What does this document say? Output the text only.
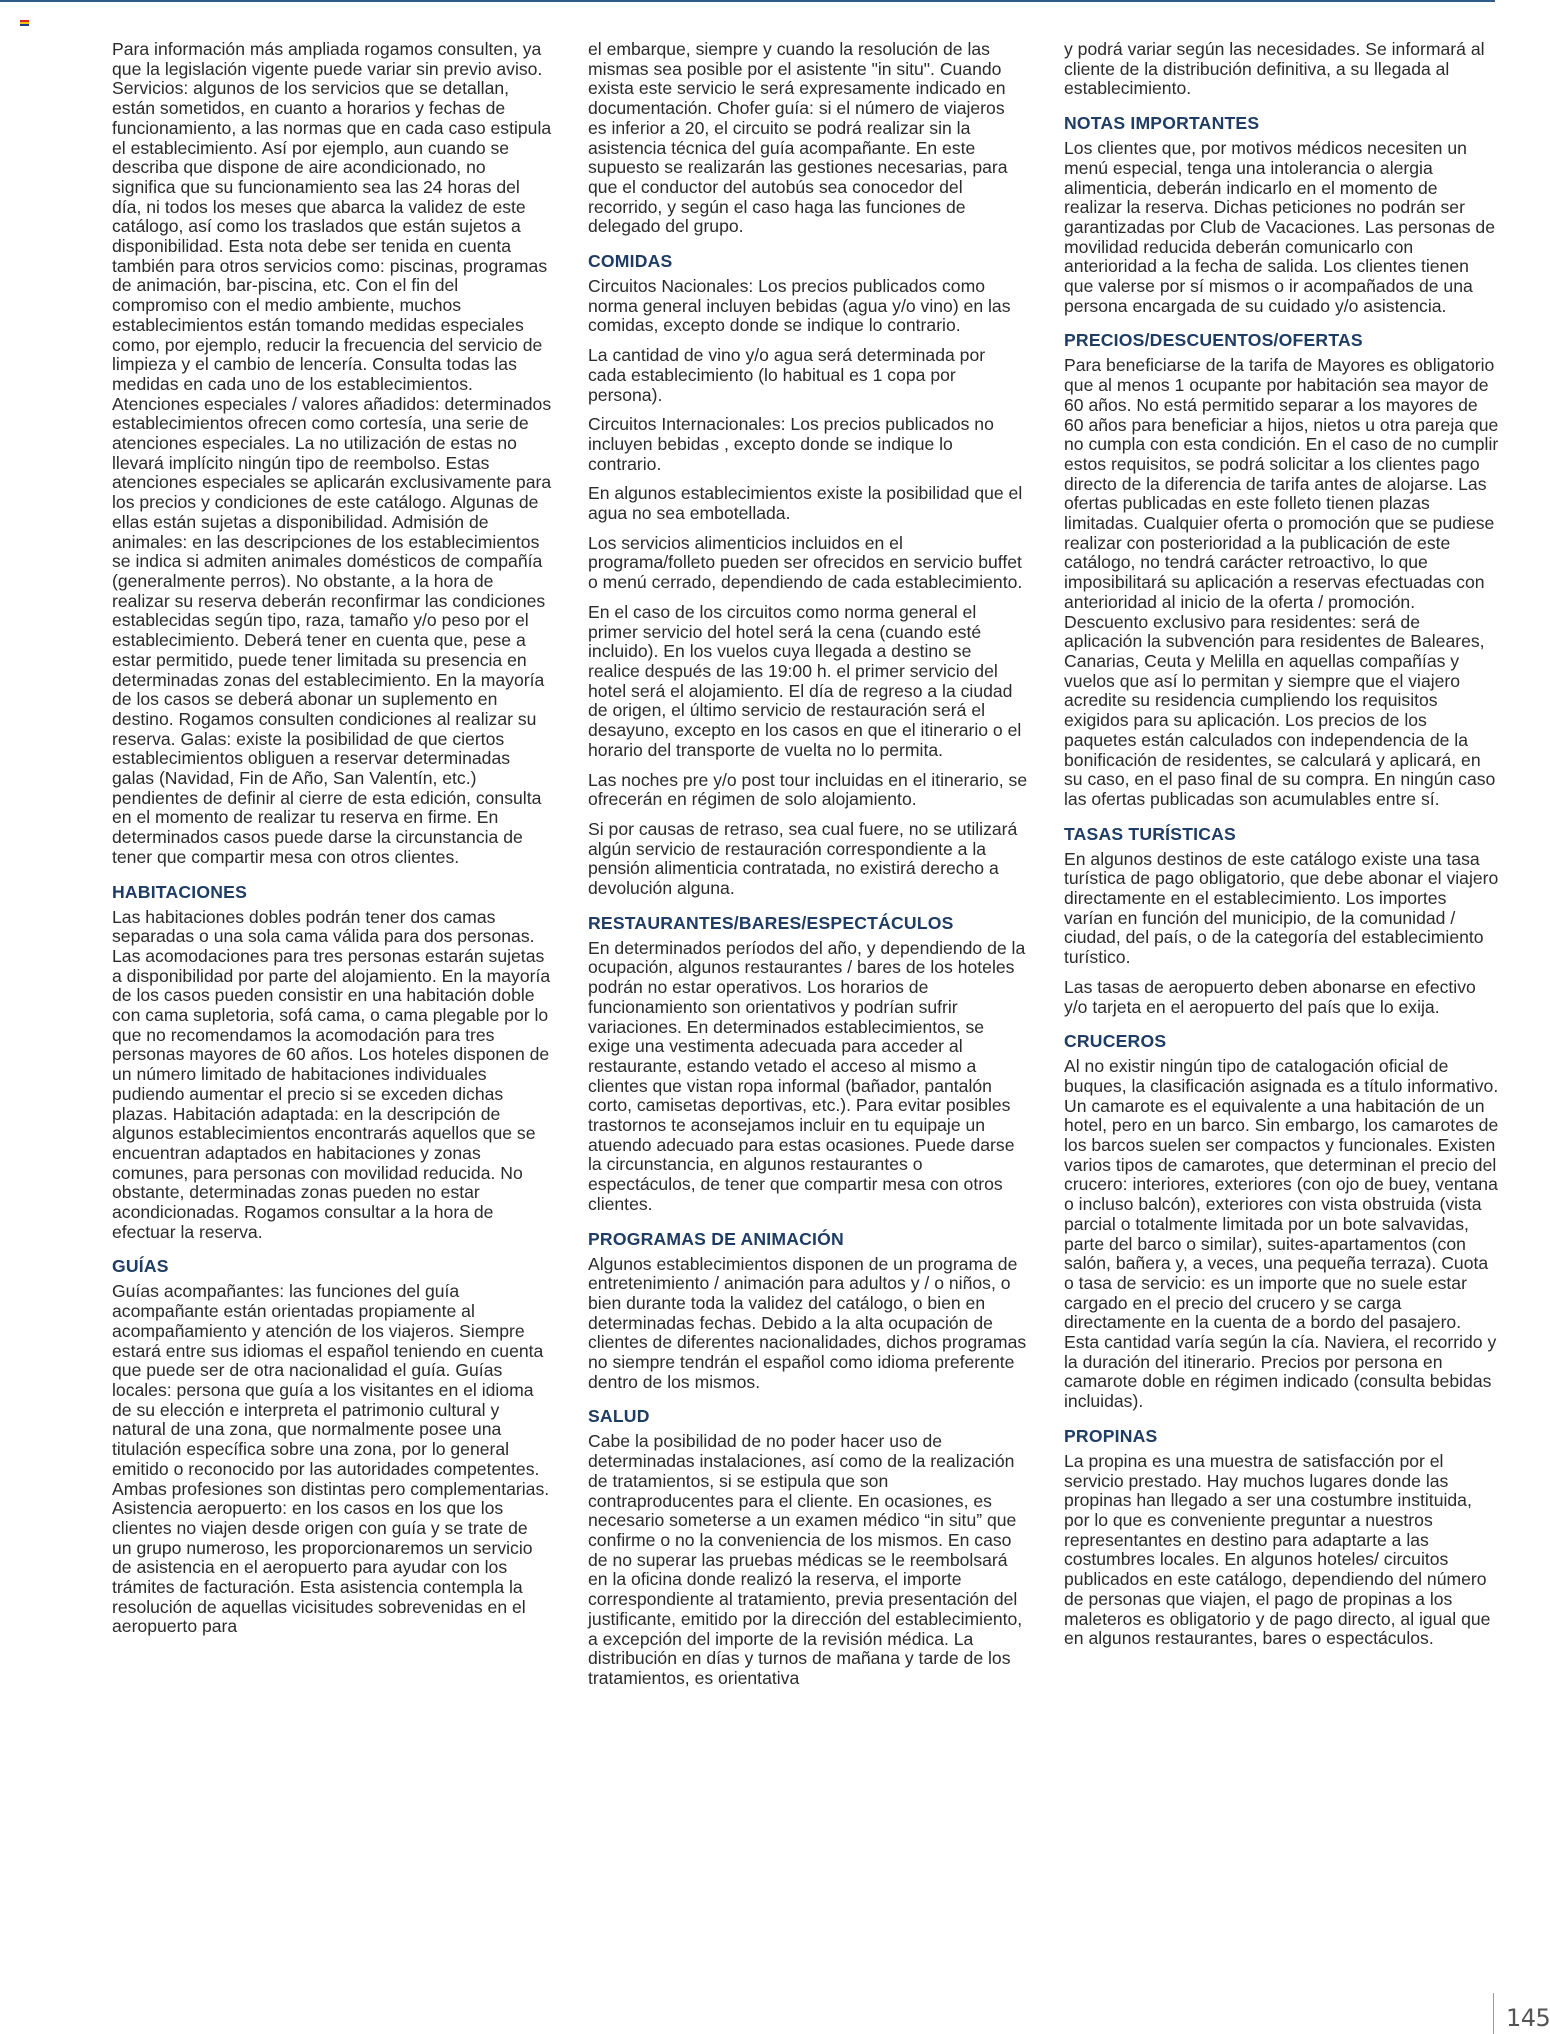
Para información más ampliada rogamos consulten, ya que la legislación vigente puede variar sin previo aviso. Servicios: algunos de los servicios que se detallan, están sometidos, en cuanto a horarios y fechas de funcionamiento, a las normas que en cada caso estipula el establecimiento. Así por ejemplo, aun cuando se describa que dispone de aire acondicionado, no significa que su funcionamiento sea las 24 horas del día, ni todos los meses que abarca la validez de este catálogo, así como los traslados que están sujetos a disponibilidad. Esta nota debe ser tenida en cuenta también para otros servicios como: piscinas, programas de animación, bar-piscina, etc. Con el fin del compromiso con el medio ambiente, muchos establecimientos están tomando medidas especiales como, por ejemplo, reducir la frecuencia del servicio de limpieza y el cambio de lencería. Consulta todas las medidas en cada uno de los establecimientos. Atenciones especiales / valores añadidos: determinados establecimientos ofrecen como cortesía, una serie de atenciones especiales. La no utilización de estas no llevará implícito ningún tipo de reembolso. Estas atenciones especiales se aplicarán exclusivamente para los precios y condiciones de este catálogo. Algunas de ellas están sujetas a disponibilidad. Admisión de animales: en las descripciones de los establecimientos se indica si admiten animales domésticos de compañía (generalmente perros). No obstante, a la hora de realizar su reserva deberán reconfirmar las condiciones establecidas según tipo, raza, tamaño y/o peso por el establecimiento. Deberá tener en cuenta que, pese a estar permitido, puede tener limitada su presencia en determinadas zonas del establecimiento. En la mayoría de los casos se deberá abonar un suplemento en destino. Rogamos consulten condiciones al realizar su reserva. Galas: existe la posibilidad de que ciertos establecimientos obliguen a reservar determinadas galas (Navidad, Fin de Año, San Valentín, etc.) pendientes de definir al cierre de esta edición, consulta en el momento de realizar tu reserva en firme. En determinados casos puede darse la circunstancia de tener que compartir mesa con otros clientes.

HABITACIONES

Las habitaciones dobles podrán tener dos camas separadas o una sola cama válida para dos personas. Las acomodaciones para tres personas estarán sujetas a disponibilidad por parte del alojamiento. En la mayoría de los casos pueden consistir en una habitación doble con cama supletoria, sofá cama, o cama plegable por lo que no recomendamos la acomodación para tres personas mayores de 60 años. Los hoteles disponen de un número limitado de habitaciones individuales pudiendo aumentar el precio si se exceden dichas plazas. Habitación adaptada: en la descripción de algunos establecimientos encontrarás aquellos que se encuentran adaptados en habitaciones y zonas comunes, para personas con movilidad reducida. No obstante, determinadas zonas pueden no estar acondicionadas. Rogamos consultar a la hora de efectuar la reserva.

GUÍAS

Guías acompañantes: las funciones del guía acompañante están orientadas propiamente al acompañamiento y atención de los viajeros. Siempre estará entre sus idiomas el español teniendo en cuenta que puede ser de otra nacionalidad el guía. Guías locales: persona que guía a los visitantes en el idioma de su elección e interpreta el patrimonio cultural y natural de una zona, que normalmente posee una titulación específica sobre una zona, por lo general emitido o reconocido por las autoridades competentes. Ambas profesiones son distintas pero complementarias. Asistencia aeropuerto: en los casos en los que los clientes no viajen desde origen con guía y se trate de un grupo numeroso, les proporcionaremos un servicio de asistencia en el aeropuerto para ayudar con los trámites de facturación. Esta asistencia contempla la resolución de aquellas vicisitudes sobrevenidas en el aeropuerto para

el embarque, siempre y cuando la resolución de las mismas sea posible por el asistente "in situ". Cuando exista este servicio le será expresamente indicado en documentación. Chofer guía: si el número de viajeros es inferior a 20, el circuito se podrá realizar sin la asistencia técnica del guía acompañante. En este supuesto se realizarán las gestiones necesarias, para que el conductor del autobús sea conocedor del recorrido, y según el caso haga las funciones de delegado del grupo.

COMIDAS

Circuitos Nacionales: Los precios publicados como norma general incluyen bebidas (agua y/o vino) en las comidas, excepto donde se indique lo contrario.

La cantidad de vino y/o agua será determinada por cada establecimiento (lo habitual es 1 copa por persona).

Circuitos Internacionales: Los precios publicados no incluyen bebidas , excepto donde se indique lo contrario.

En algunos establecimientos existe la posibilidad que el agua no sea embotellada.

Los servicios alimenticios incluidos en el programa/folleto pueden ser ofrecidos en servicio buffet o menú cerrado, dependiendo de cada establecimiento.

En el caso de los circuitos como norma general el primer servicio del hotel será la cena (cuando esté incluido). En los vuelos cuya llegada a destino se realice después de las 19:00 h. el primer servicio del hotel será el alojamiento. El día de regreso a la ciudad de origen, el último servicio de restauración será el desayuno, excepto en los casos en que el itinerario o el horario del transporte de vuelta no lo permita.

Las noches pre y/o post tour incluidas en el itinerario, se ofrecerán en régimen de solo alojamiento.

Si por causas de retraso, sea cual fuere, no se utilizará algún servicio de restauración correspondiente a la pensión alimenticia contratada, no existirá derecho a devolución alguna.

RESTAURANTES/BARES/ESPECTÁCULOS

En determinados períodos del año, y dependiendo de la ocupación, algunos restaurantes / bares de los hoteles podrán no estar operativos. Los horarios de funcionamiento son orientativos y podrían sufrir variaciones. En determinados establecimientos, se exige una vestimenta adecuada para acceder al restaurante, estando vetado el acceso al mismo a clientes que vistan ropa informal (bañador, pantalón corto, camisetas deportivas, etc.). Para evitar posibles trastornos te aconsejamos incluir en tu equipaje un atuendo adecuado para estas ocasiones. Puede darse la circunstancia, en algunos restaurantes o espectáculos, de tener que compartir mesa con otros clientes.

PROGRAMAS DE ANIMACIÓN

Algunos establecimientos disponen de un programa de entretenimiento / animación para adultos y / o niños, o bien durante toda la validez del catálogo, o bien en determinadas fechas. Debido a la alta ocupación de clientes de diferentes nacionalidades, dichos programas no siempre tendrán el español como idioma preferente dentro de los mismos.

SALUD

Cabe la posibilidad de no poder hacer uso de determinadas instalaciones, así como de la realización de tratamientos, si se estipula que son contraproducentes para el cliente. En ocasiones, es necesario someterse a un examen médico “in situ” que confirme o no la conveniencia de los mismos. En caso de no superar las pruebas médicas se le reembolsará en la oficina donde realizó la reserva, el importe correspondiente al tratamiento, previa presentación del justificante, emitido por la dirección del establecimiento, a excepción del importe de la revisión médica. La distribución en días y turnos de mañana y tarde de los tratamientos, es orientativa

y podrá variar según las necesidades. Se informará al cliente de la distribución definitiva, a su llegada al establecimiento.

NOTAS IMPORTANTES

Los clientes que, por motivos médicos necesiten un menú especial, tenga una intolerancia o alergia alimenticia, deberán indicarlo en el momento de realizar la reserva. Dichas peticiones no podrán ser garantizadas por Club de Vacaciones. Las personas de movilidad reducida deberán comunicarlo con anterioridad a la fecha de salida. Los clientes tienen que valerse por sí mismos o ir acompañados de una persona encargada de su cuidado y/o asistencia.

PRECIOS/DESCUENTOS/OFERTAS

Para beneficiarse de la tarifa de Mayores es obligatorio que al menos 1 ocupante por habitación sea mayor de 60 años. No está permitido separar a los mayores de 60 años para beneficiar a hijos, nietos u otra pareja que no cumpla con esta condición. En el caso de no cumplir estos requisitos, se podrá solicitar a los clientes pago directo de la diferencia de tarifa antes de alojarse. Las ofertas publicadas en este folleto tienen plazas limitadas. Cualquier oferta o promoción que se pudiese realizar con posterioridad a la publicación de este catálogo, no tendrá carácter retroactivo, lo que imposibilitará su aplicación a reservas efectuadas con anterioridad al inicio de la oferta / promoción. Descuento exclusivo para residentes: será de aplicación la subvención para residentes de Baleares, Canarias, Ceuta y Melilla en aquellas compañías y vuelos que así lo permitan y siempre que el viajero acredite su residencia cumpliendo los requisitos exigidos para su aplicación. Los precios de los paquetes están calculados con independencia de la bonificación de residentes, se calculará y aplicará, en su caso, en el paso final de su compra. En ningún caso las ofertas publicadas son acumulables entre sí.

TASAS TURÍSTICAS

En algunos destinos de este catálogo existe una tasa turística de pago obligatorio, que debe abonar el viajero directamente en el establecimiento. Los importes varían en función del municipio, de la comunidad / ciudad, del país, o de la categoría del establecimiento turístico.

Las tasas de aeropuerto deben abonarse en efectivo y/o tarjeta en el aeropuerto del país que lo exija.

CRUCEROS

Al no existir ningún tipo de catalogación oficial de buques, la clasificación asignada es a título informativo. Un camarote es el equivalente a una habitación de un hotel, pero en un barco. Sin embargo, los camarotes de los barcos suelen ser compactos y funcionales. Existen varios tipos de camarotes, que determinan el precio del crucero: interiores, exteriores (con ojo de buey, ventana o incluso balcón), exteriores con vista obstruida (vista parcial o totalmente limitada por un bote salvavidas, parte del barco o similar), suites-apartamentos (con salón, bañera y, a veces, una pequeña terraza). Cuota o tasa de servicio: es un importe que no suele estar cargado en el precio del crucero y se carga directamente en la cuenta de a bordo del pasajero. Esta cantidad varía según la cía. Naviera, el recorrido y la duración del itinerario. Precios por persona en camarote doble en régimen indicado (consulta bebidas incluidas).

PROPINAS

La propina es una muestra de satisfacción por el servicio prestado. Hay muchos lugares donde las propinas han llegado a ser una costumbre instituida, por lo que es conveniente preguntar a nuestros representantes en destino para adaptarte a las costumbres locales. En algunos hoteles/ circuitos publicados en este catálogo, dependiendo del número de personas que viajen, el pago de propinas a los maleteros es obligatorio y de pago directo, al igual que en algunos restaurantes, bares o espectáculos.

145
